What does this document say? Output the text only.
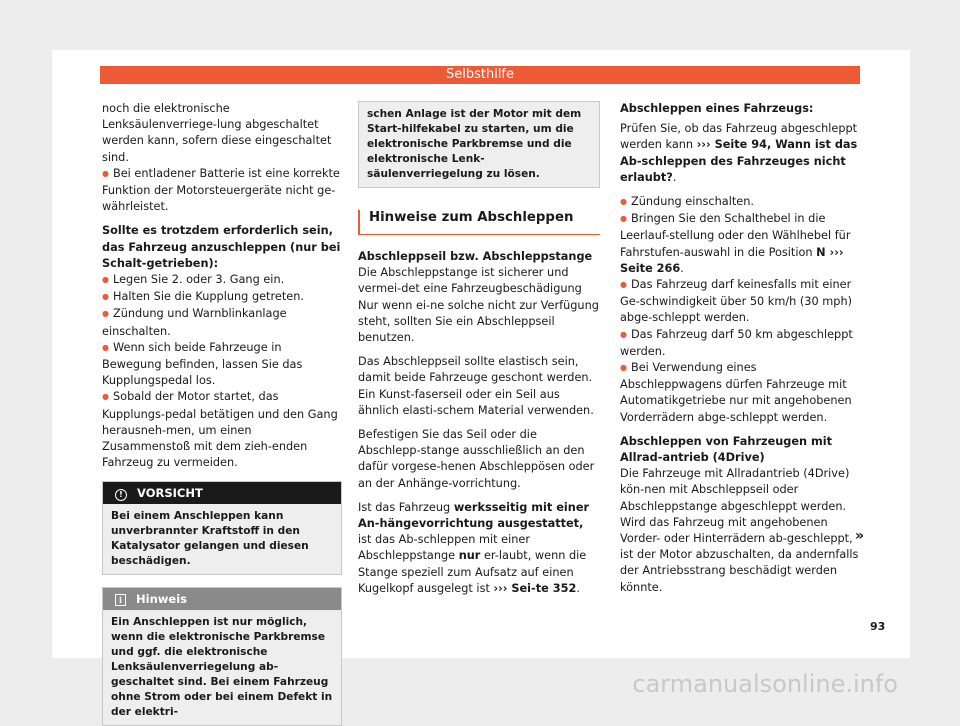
Selbsthilfe

noch die elektronische Lenksäulenverriege-lung abgeschaltet werden kann, sofern diese eingeschaltet sind.

● Bei entladener Batterie ist eine korrekte Funktion der Motorsteuergeräte nicht ge-währleistet.

Sollte es trotzdem erforderlich sein, das Fahrzeug anzuschleppen (nur bei Schalt-getrieben):

● Legen Sie 2. oder 3. Gang ein.

● Halten Sie die Kupplung getreten.

● Zündung und Warnblinkanlage einschalten.

● Wenn sich beide Fahrzeuge in Bewegung befinden, lassen Sie das Kupplungspedal los.

● Sobald der Motor startet, das Kupplungs-pedal betätigen und den Gang herausneh-men, um einen Zusammenstoß mit dem zieh-enden Fahrzeug zu vermeiden.

! VORSICHT
Bei einem Anschleppen kann unverbrannter Kraftstoff in den Katalysator gelangen und diesen beschädigen.
i Hinweis
Ein Anschleppen ist nur möglich, wenn die elektronische Parkbremse und ggf. die elektronische Lenksäulenverriegelung ab-geschaltet sind. Bei einem Fahrzeug ohne Strom oder bei einem Defekt in der elektri-
schen Anlage ist der Motor mit dem Start-hilfekabel zu starten, um die elektronische Parkbremse und die elektronische Lenk-säulenverriegelung zu lösen.
Hinweise zum Abschleppen

Abschleppseil bzw. Abschleppstange

Die Abschleppstange ist sicherer und vermei-det eine Fahrzeugbeschädigung Nur wenn ei-ne solche nicht zur Verfügung steht, sollten Sie ein Abschleppseil benutzen.

Das Abschleppseil sollte elastisch sein, damit beide Fahrzeuge geschont werden. Ein Kunst-faserseil oder ein Seil aus ähnlich elasti-schem Material verwenden.

Befestigen Sie das Seil oder die Abschlepp-stange ausschließlich an den dafür vorgese-henen Abschleppösen oder an der Anhänge-vorrichtung.

Ist das Fahrzeug werksseitig mit einer An-hängevorrichtung ausgestattet, ist das Ab-schleppen mit einer Abschleppstange nur er-laubt, wenn die Stange speziell zum Aufsatz auf einen Kugelkopf ausgelegt ist ››› Sei-te 352.

Abschleppen eines Fahrzeugs:

Prüfen Sie, ob das Fahrzeug abgeschleppt werden kann ››› Seite 94, Wann ist das Ab-schleppen des Fahrzeuges nicht erlaubt?.

● Zündung einschalten.

● Bringen Sie den Schalthebel in die Leerlauf-stellung oder den Wählhebel für Fahrstufen-auswahl in die Position N ››› Seite 266.

● Das Fahrzeug darf keinesfalls mit einer Ge-schwindigkeit über 50 km/h (30 mph) abge-schleppt werden.

● Das Fahrzeug darf 50 km abgeschleppt werden.

● Bei Verwendung eines Abschleppwagens dürfen Fahrzeuge mit Automatikgetriebe nur mit angehobenen Vorderrädern abge-schleppt werden.

Abschleppen von Fahrzeugen mit Allrad-antrieb (4Drive)

Die Fahrzeuge mit Allradantrieb (4Drive) kön-nen mit Abschleppseil oder Abschleppstange abgeschleppt werden. Wird das Fahrzeug mit angehobenen Vorder- oder Hinterrädern ab-geschleppt, ist der Motor abzuschalten, da andernfalls der Antriebsstrang beschädigt werden könnte.

»
93
carmanualsonline.info
